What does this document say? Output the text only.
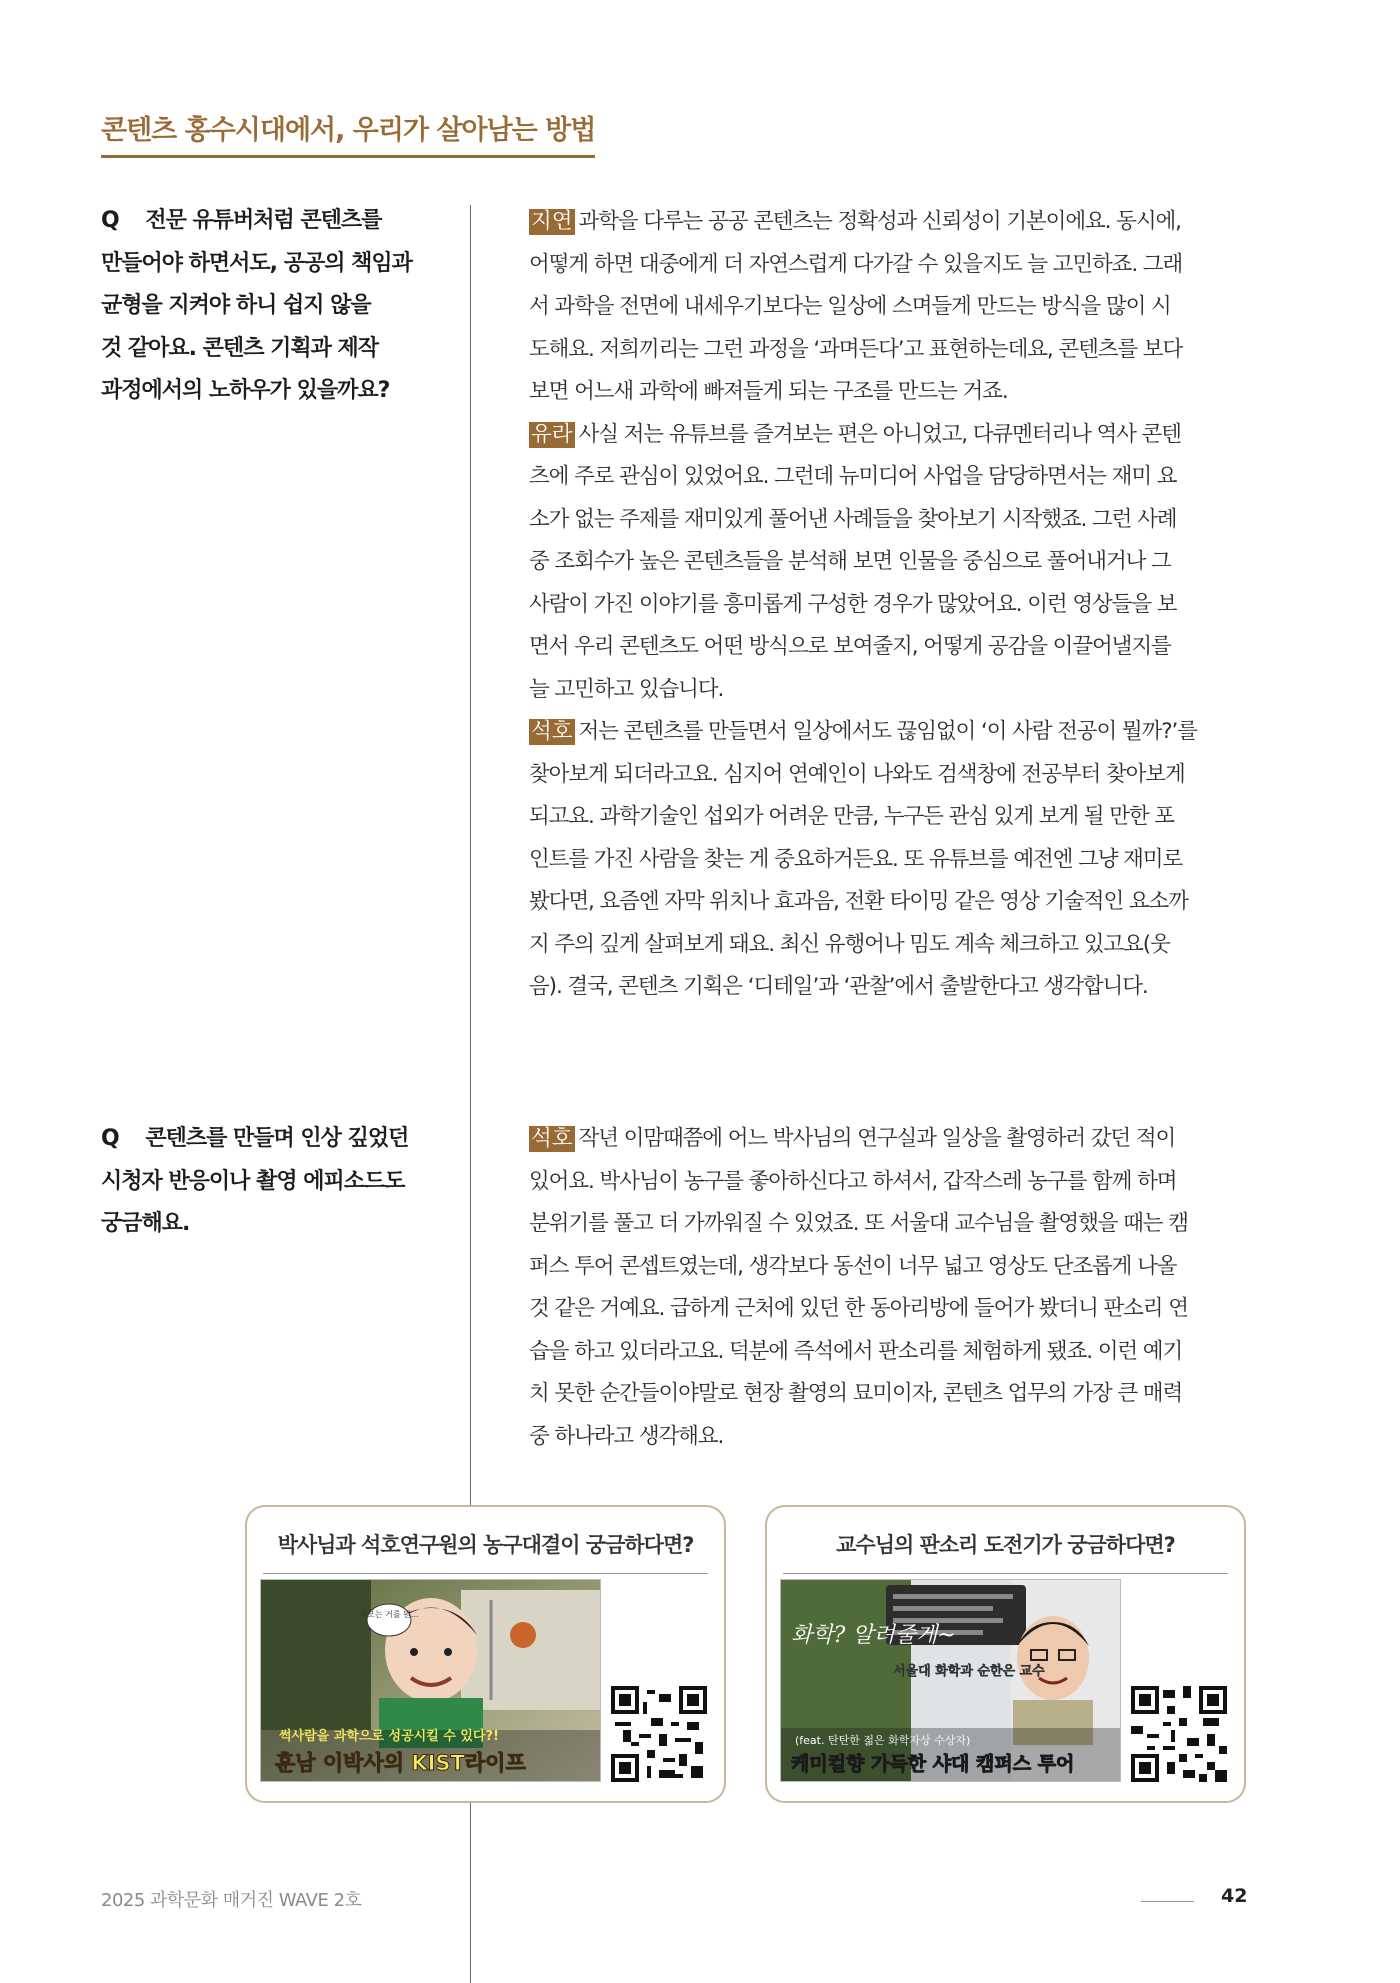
콘텐츠 홍수시대에서, 우리가 살아남는 방법
Q    전문 유튜버처럼 콘텐츠를
만들어야 하면서도, 공공의 책임과
균형을 지켜야 하니 쉽지 않을
것 같아요. 콘텐츠 기획과 제작
과정에서의 노하우가 있을까요?
지연 과학을 다루는 공공 콘텐츠는 정확성과 신뢰성이 기본이에요. 동시에,
어떻게 하면 대중에게 더 자연스럽게 다가갈 수 있을지도 늘 고민하죠. 그래
서 과학을 전면에 내세우기보다는 일상에 스며들게 만드는 방식을 많이 시
도해요. 저희끼리는 그런 과정을 ‘과며든다’고 표현하는데요, 콘텐츠를 보다
보면 어느새 과학에 빠져들게 되는 구조를 만드는 거죠.
유라 사실 저는 유튜브를 즐겨보는 편은 아니었고, 다큐멘터리나 역사 콘텐
츠에 주로 관심이 있었어요. 그런데 뉴미디어 사업을 담당하면서는 재미 요
소가 없는 주제를 재미있게 풀어낸 사례들을 찾아보기 시작했죠. 그런 사례
중 조회수가 높은 콘텐츠들을 분석해 보면 인물을 중심으로 풀어내거나 그
사람이 가진 이야기를 흥미롭게 구성한 경우가 많았어요. 이런 영상들을 보
면서 우리 콘텐츠도 어떤 방식으로 보여줄지, 어떻게 공감을 이끌어낼지를
늘 고민하고 있습니다.
석호 저는 콘텐츠를 만들면서 일상에서도 끊임없이 ‘이 사람 전공이 뭘까?’를
찾아보게 되더라고요. 심지어 연예인이 나와도 검색창에 전공부터 찾아보게
되고요. 과학기술인 섭외가 어려운 만큼, 누구든 관심 있게 보게 될 만한 포
인트를 가진 사람을 찾는 게 중요하거든요. 또 유튜브를 예전엔 그냥 재미로
봤다면, 요즘엔 자막 위치나 효과음, 전환 타이밍 같은 영상 기술적인 요소까
지 주의 깊게 살펴보게 돼요. 최신 유행어나 밈도 계속 체크하고 있고요(웃
음). 결국, 콘텐츠 기획은 ‘디테일’과 ‘관찰’에서 출발한다고 생각합니다.
Q    콘텐츠를 만들며 인상 깊었던
시청자 반응이나 촬영 에피소드도
궁금해요.
석호 작년 이맘때쯤에 어느 박사님의 연구실과 일상을 촬영하러 갔던 적이
있어요. 박사님이 농구를 좋아하신다고 하셔서, 갑작스레 농구를 함께 하며
분위기를 풀고 더 가까워질 수 있었죠. 또 서울대 교수님을 촬영했을 때는 캠
퍼스 투어 콘셉트였는데, 생각보다 동선이 너무 넓고 영상도 단조롭게 나올
것 같은 거예요. 급하게 근처에 있던 한 동아리방에 들어가 봤더니 판소리 연
습을 하고 있더라고요. 덕분에 즉석에서 판소리를 체험하게 됐죠. 이런 예기
치 못한 순간들이야말로 현장 촬영의 묘미이자, 콘텐츠 업무의 가장 큰 매력
중 하나라고 생각해요.
박사님과 석호연구원의 농구대결이 궁금하다면?
뭐모는 거를 뭔...
썩사람을 과학으로 성공시킬 수 있다?!
훈남 이박사의 KIST라이프
교수님의 판소리 도전기가 궁금하다면?
화학? 알려줄게~
서울대 화학과 순한은 교수
(feat. 탄탄한 젊은 화학자상 수상자)
케미컬향 가득한 샤대 캠퍼스 투어
2025 과학문화 매거진 WAVE 2호	42
